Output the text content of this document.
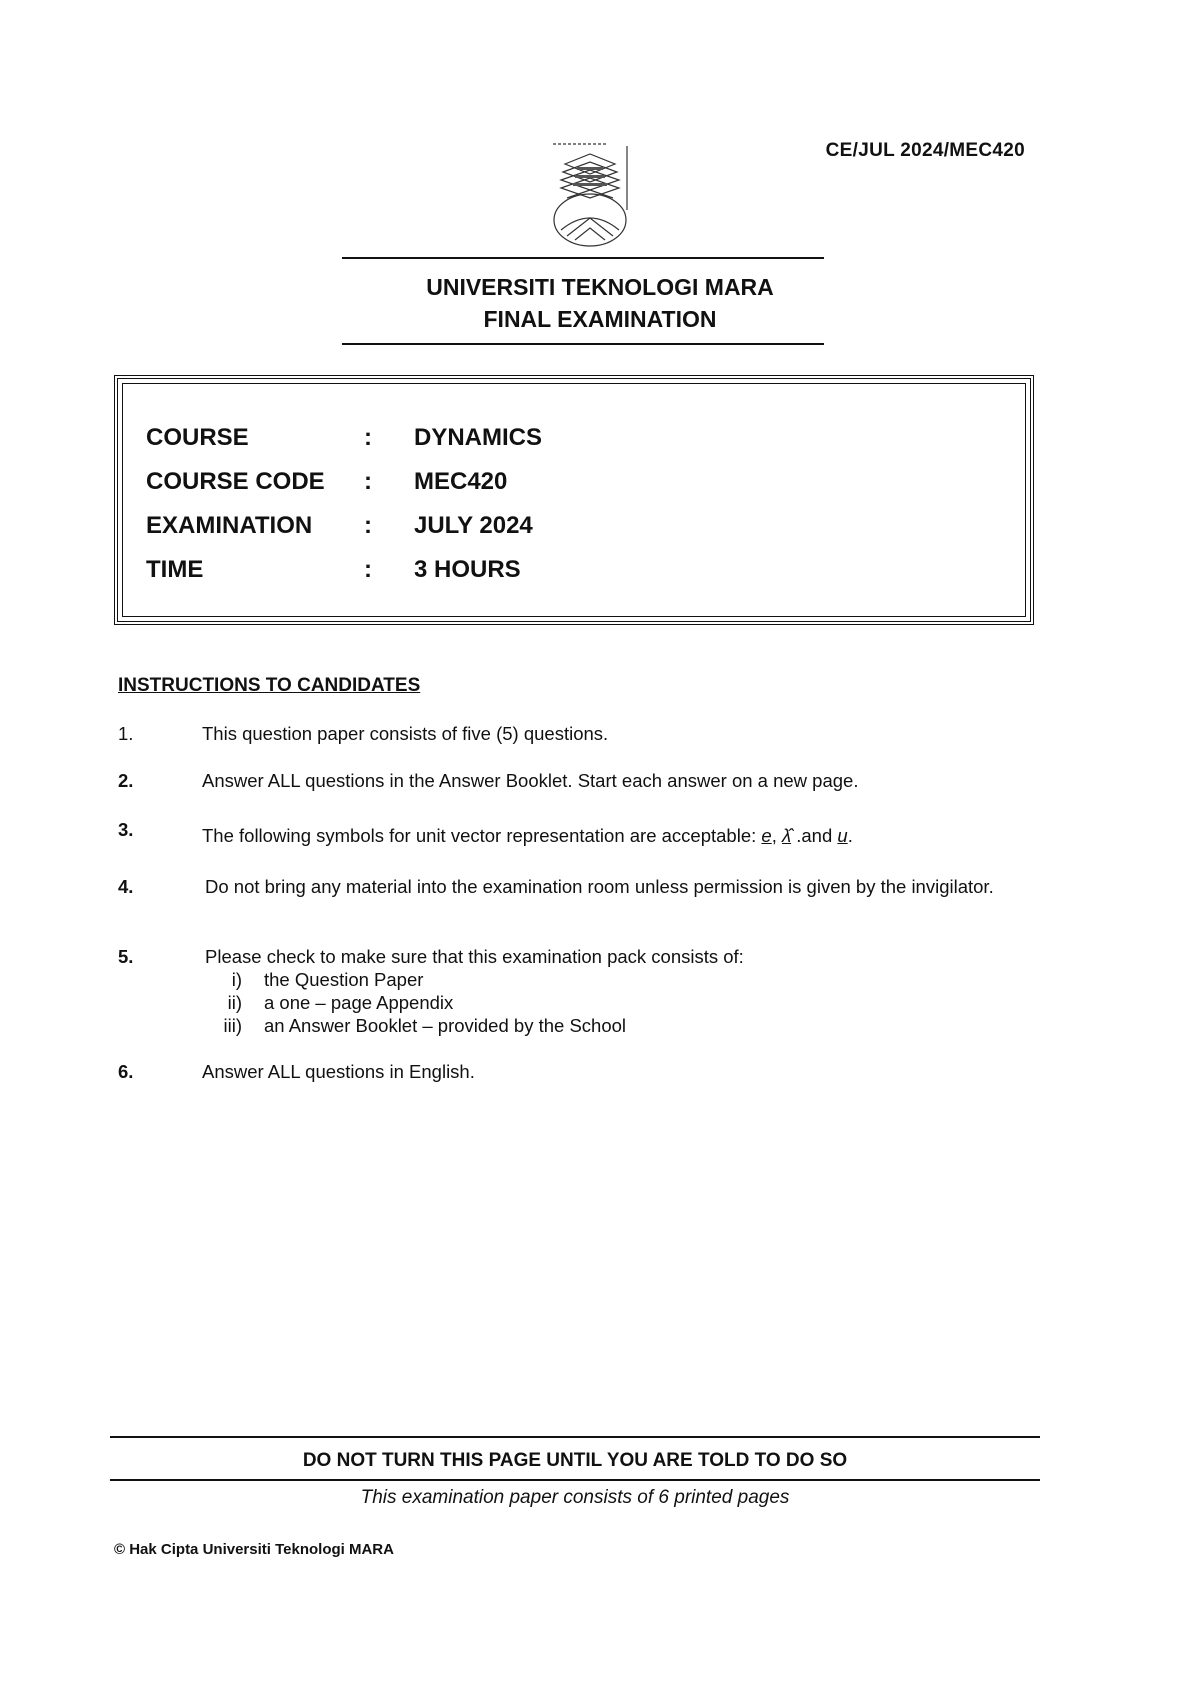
CE/JUL 2024/MEC420
UNIVERSITI TEKNOLOGI MARA
FINAL EXAMINATION
COURSE	: DYNAMICS
COURSE CODE	: MEC420
EXAMINATION	: JULY 2024
TIME	: 3 HOURS
INSTRUCTIONS TO CANDIDATES
1.	This question paper consists of five (5) questions.
2.	Answer ALL questions in the Answer Booklet. Start each answer on a new page.
3.	The following symbols for unit vector representation are acceptable: e, λ̂ .and u.
4.	Do not bring any material into the examination room unless permission is given by the invigilator.
5.	Please check to make sure that this examination pack consists of:
i) the Question Paper
ii) a one – page Appendix
iii) an Answer Booklet – provided by the School
6.	Answer ALL questions in English.
DO NOT TURN THIS PAGE UNTIL YOU ARE TOLD TO DO SO
This examination paper consists of 6 printed pages
© Hak Cipta Universiti Teknologi MARA
